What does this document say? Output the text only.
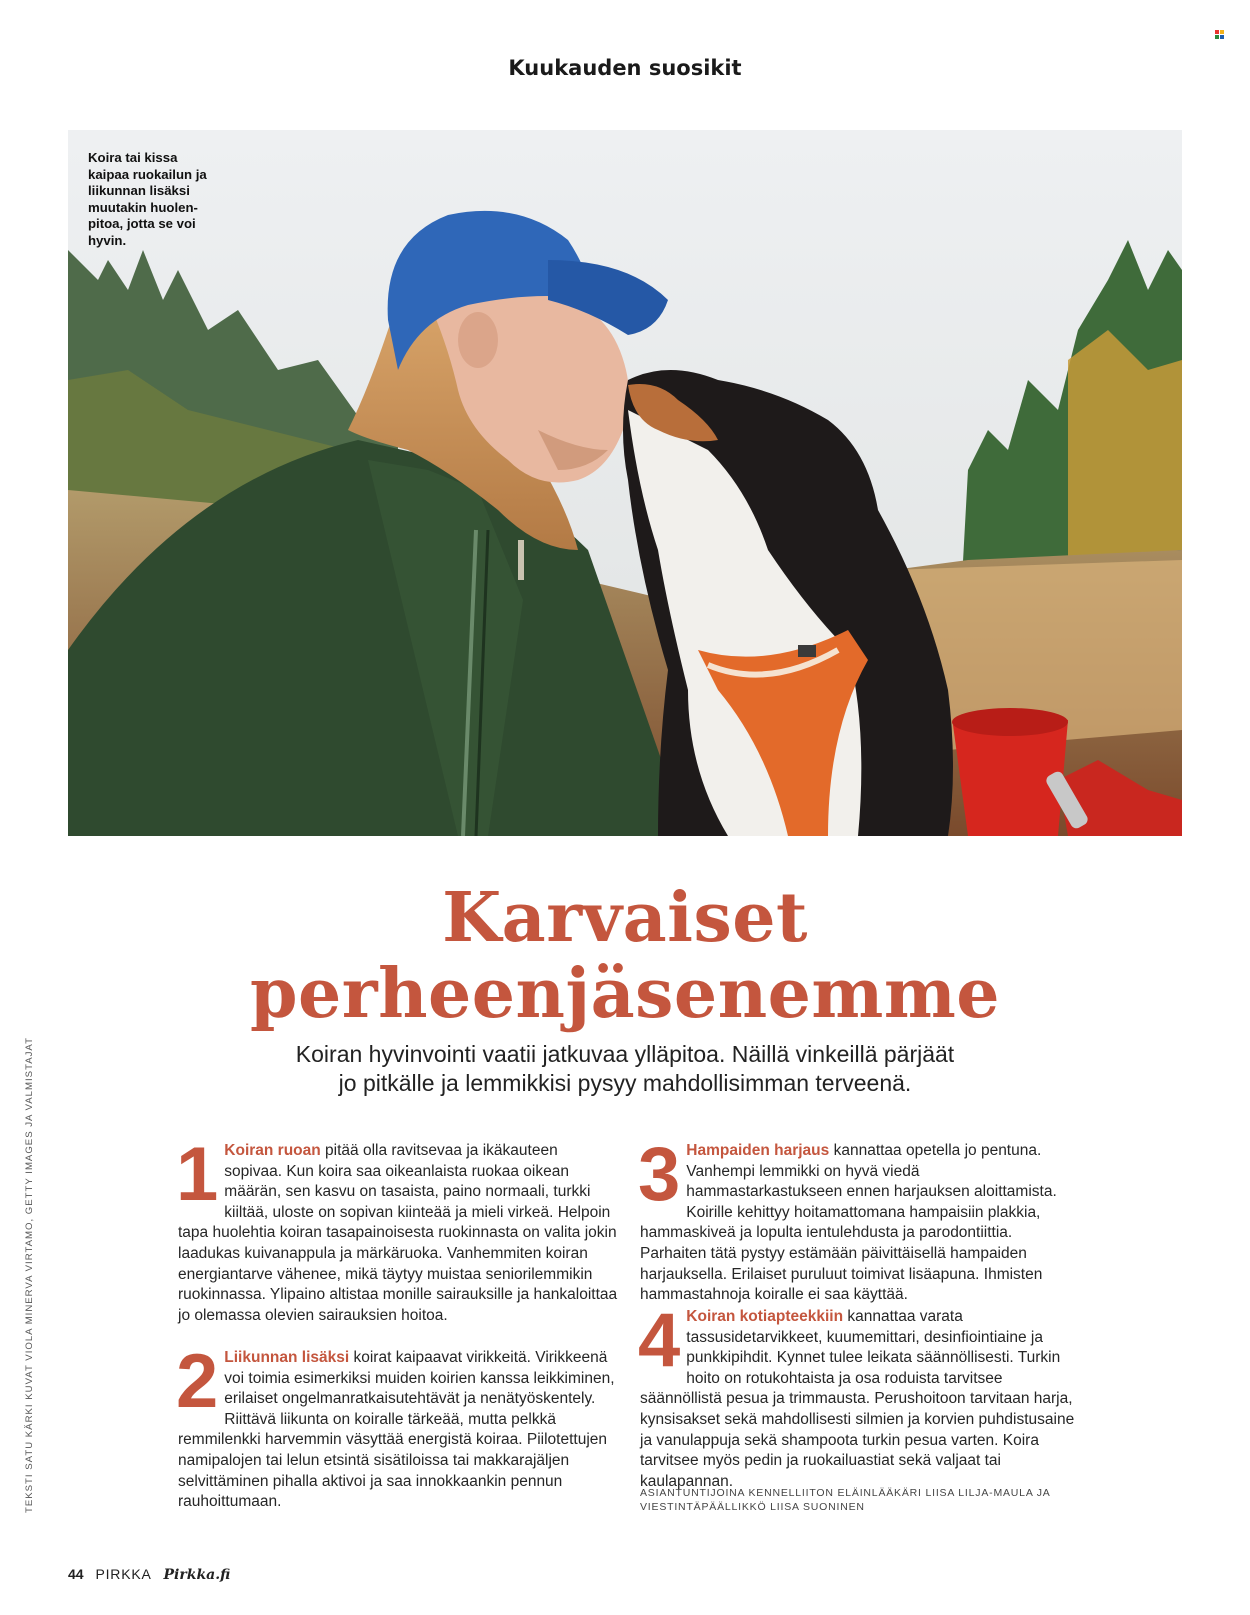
Kuukauden suosikit
Koira tai kissa kaipaa ruokailun ja liikunnan lisäksi muutakin huolen-pitoa, jotta se voi hyvin.
Karvaiset
perheenjäsenemme
Koiran hyvinvointi vaatii jatkuvaa ylläpitoa. Näillä vinkeillä pärjäät
jo pitkälle ja lemmikkisi pysyy mahdollisimman terveenä.
TEKSTI SATU KÄRKI KUVAT VIOLA MINERVA VIRTAMO, GETTY IMAGES JA VALMISTAJAT 1 Koiran ruoan pitää olla ravitsevaa ja ikäkauteen sopivaa. Kun koira saa oikeanlaista ruokaa oikean määrän, sen kasvu on tasaista, paino normaali, turkki kiiltää, uloste on sopivan kiinteää ja mieli virkeä. Helpoin tapa huolehtia koiran tasapainoisesta ruokinnasta on valita jokin laadukas kuivanappula ja märkäruoka. Vanhemmiten koiran energiantarve vähenee, mikä täytyy muistaa seniorilemmikin ruokinnassa. Ylipaino altistaa monille sairauksille ja hankaloittaa jo olemassa olevien sairauksien hoitoa.
2 Liikunnan lisäksi koirat kaipaavat virikkeitä. Virikkeenä voi toimia esimerkiksi muiden koirien kanssa leikkiminen, erilaiset ongelmanratkaisutehtävät ja nenätyöskentely. Riittävä liikunta on koiralle tärkeää, mutta pelkkä remmilenkki harvemmin väsyttää energistä koiraa. Piilotettujen namipalojen tai lelun etsintä sisätiloissa tai makkarajäljen selvittäminen pihalla aktivoi ja saa innokkaankin pennun rauhoittumaan.
3 Hampaiden harjaus kannattaa opetella jo pentuna. Vanhempi lemmikki on hyvä viedä hammastarkastukseen ennen harjauksen aloittamista. Koirille kehittyy hoitamattomana hampaisiin plakkia, hammaskiveä ja lopulta ientulehdusta ja parodontiittia. Parhaiten tätä pystyy estämään päivittäisellä hampaiden harjauksella. Erilaiset puruluut toimivat lisäapuna. Ihmisten hammastahnoja koiralle ei saa käyttää.
4 Koiran kotiapteekkiin kannattaa varata tassusidetarvikkeet, kuumemittari, desinfiointiaine ja punkkipihdit. Kynnet tulee leikata säännöllisesti. Turkin hoito on rotukohtaista ja osa roduista tarvitsee säännöllistä pesua ja trimmausta. Perushoitoon tarvitaan harja, kynsisakset sekä mahdollisesti silmien ja korvien puhdistusaine ja vanulappuja sekä shampoota turkin pesua varten. Koira tarvitsee myös pedin ja ruokailuastiat sekä valjaat tai kaulapannan.
ASIANTUNTIJOINA KENNELLIITON ELÄINLÄÄKÄRI LIISA LILJA-MAULA JA VIESTINTÄPÄÄLLIKKÖ LIISA SUONINEN
44 PIRKKA Pirkka.fi
